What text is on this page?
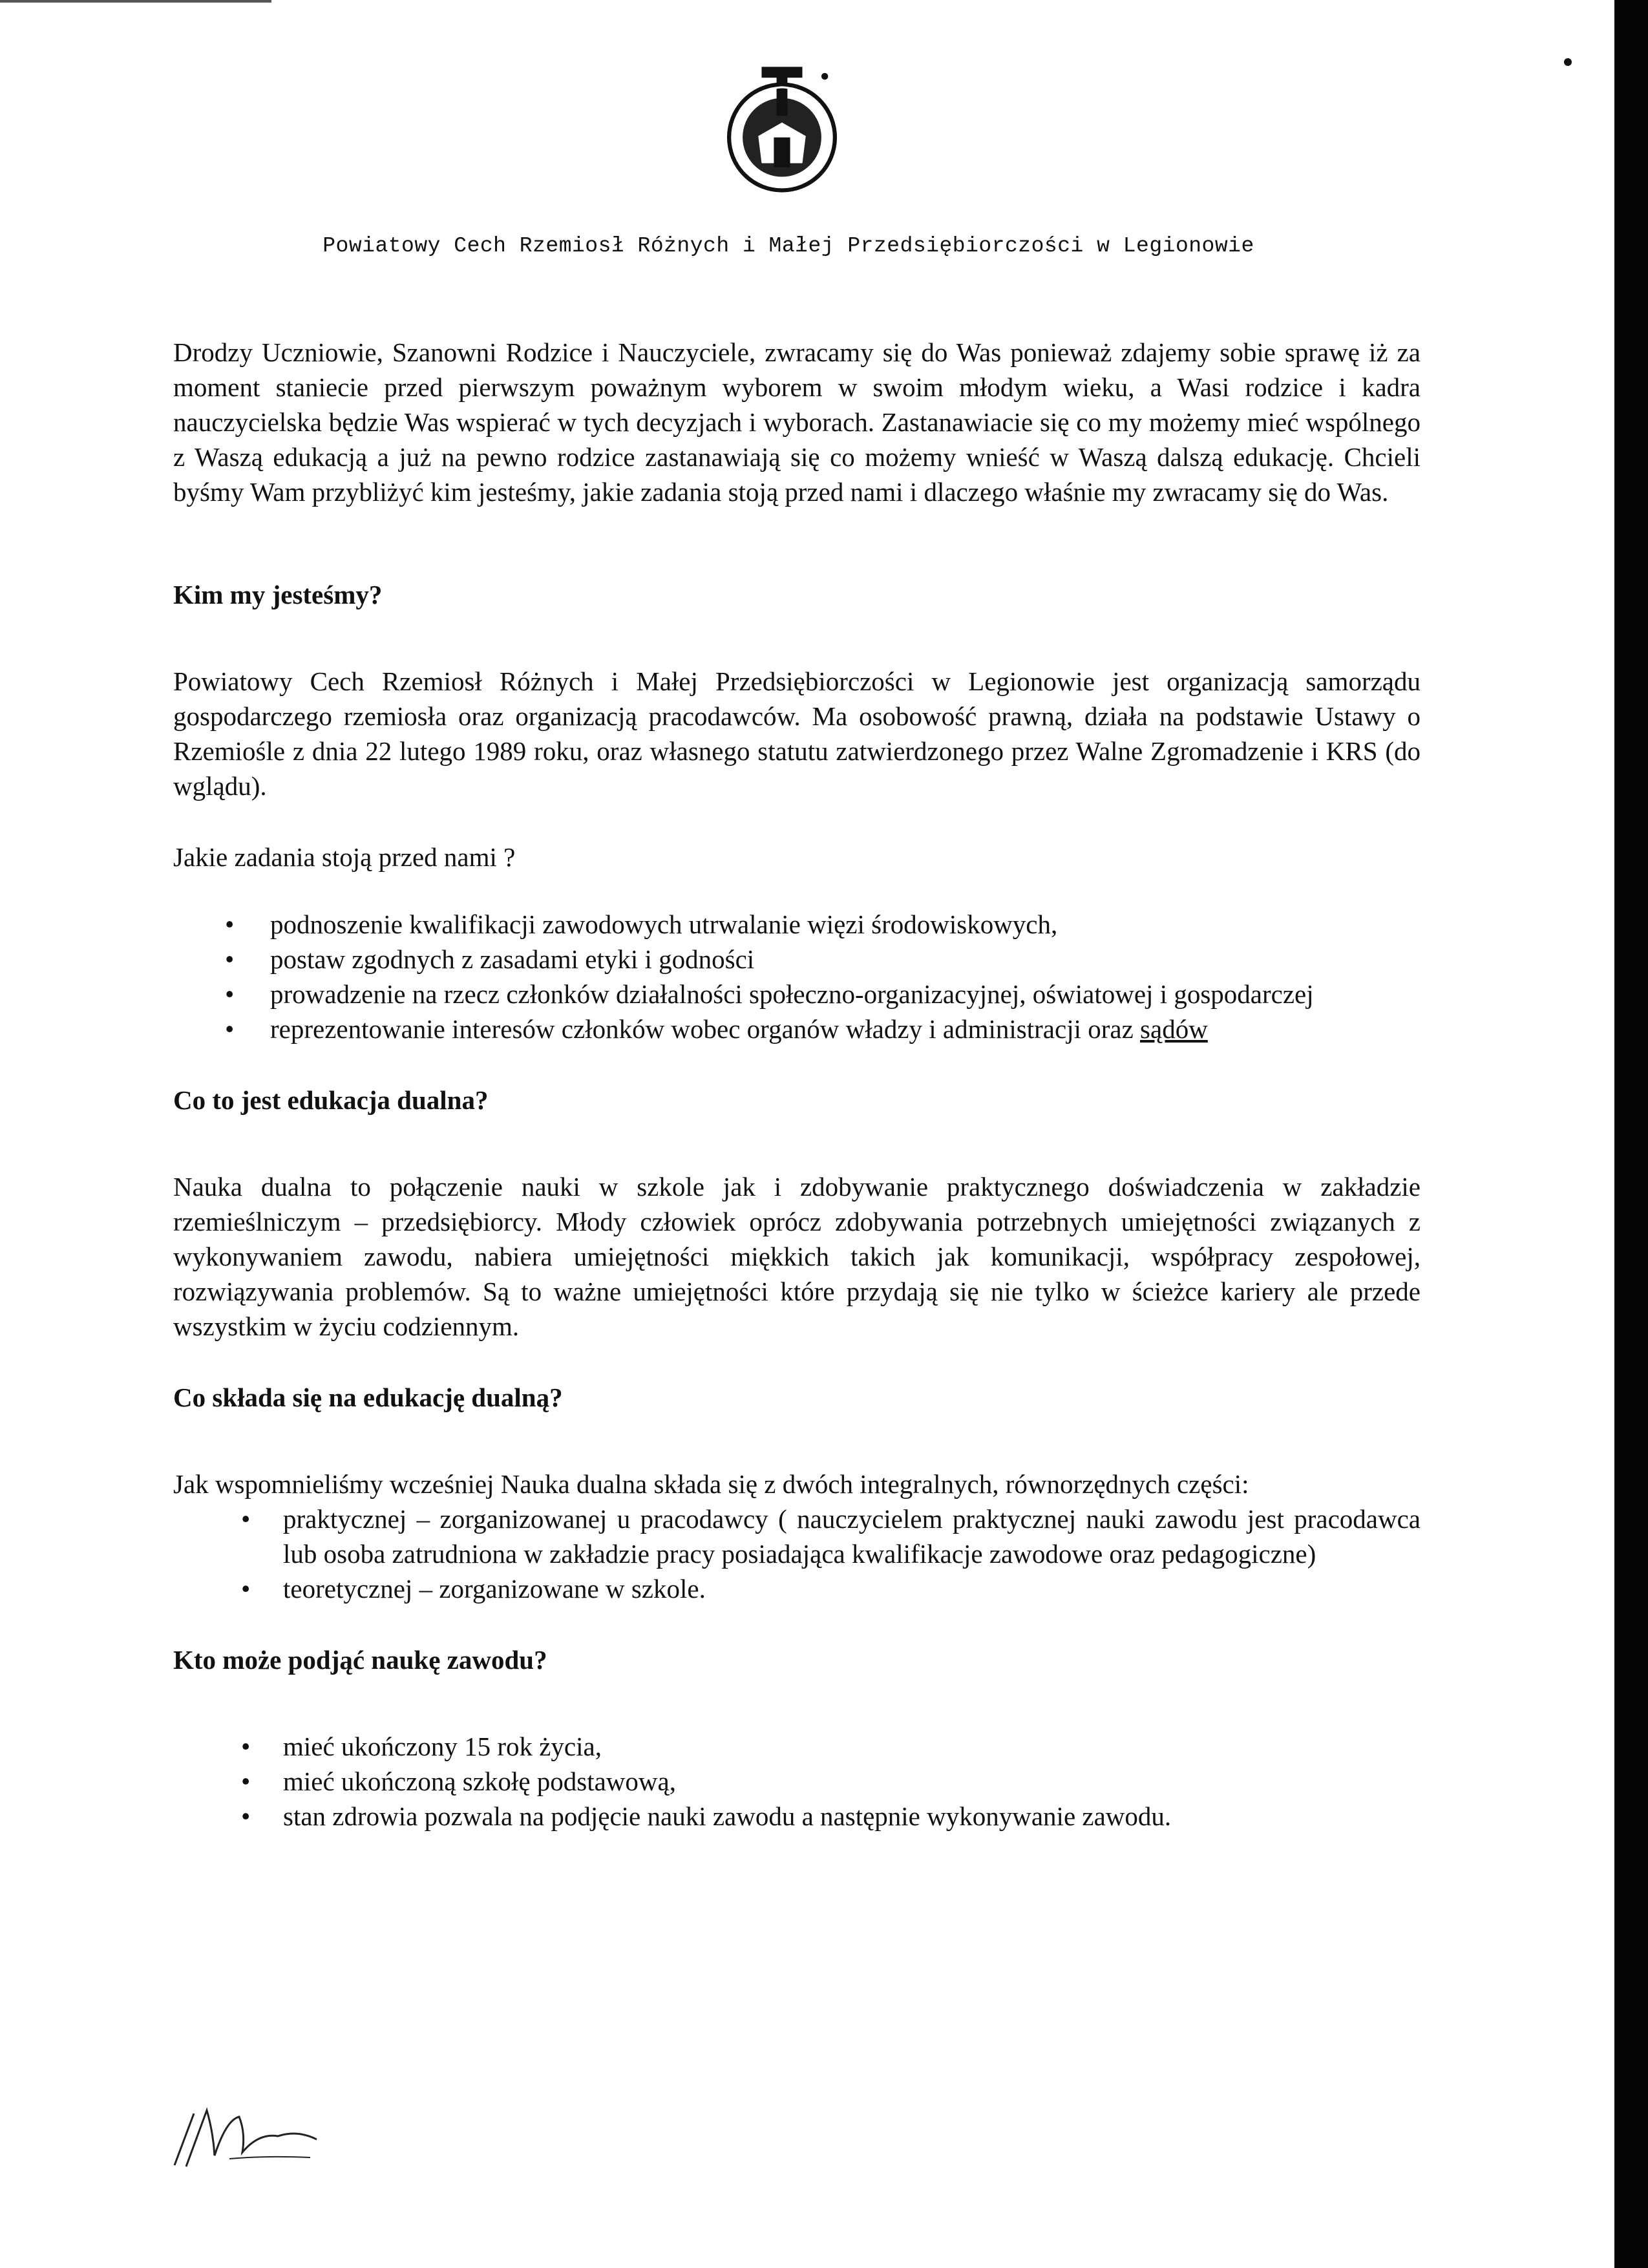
Powiatowy Cech Rzemiosł Różnych i Małej Przedsiębiorczości w Legionowie

Drodzy Uczniowie, Szanowni Rodzice i Nauczyciele, zwracamy się do Was ponieważ zdajemy sobie sprawę iż za moment staniecie przed pierwszym poważnym wyborem w swoim młodym wieku, a Wasi rodzice i kadra nauczycielska będzie Was wspierać w tych decyzjach i wyborach. Zastanawiacie się co my możemy mieć wspólnego z Waszą edukacją a już na pewno rodzice zastanawiają się co możemy wnieść w Waszą dalszą edukację. Chcieli byśmy Wam przybliżyć kim jesteśmy, jakie zadania stoją przed nami i dlaczego właśnie my zwracamy się do Was.

Kim my jesteśmy?

Powiatowy Cech Rzemiosł Różnych i Małej Przedsiębiorczości w Legionowie jest organizacją samorządu gospodarczego rzemiosła oraz organizacją pracodawców. Ma osobowość prawną, działa na podstawie Ustawy o Rzemiośle z dnia 22 lutego 1989 roku, oraz własnego statutu zatwierdzonego przez Walne Zgromadzenie i KRS (do wglądu).

Jakie zadania stoją przed nami ?

• podnoszenie kwalifikacji zawodowych utrwalanie więzi środowiskowych,
• postaw zgodnych z zasadami etyki i godności
• prowadzenie na rzecz członków działalności społeczno-organizacyjnej, oświatowej i gospodarczej
• reprezentowanie interesów członków wobec organów władzy i administracji oraz sądów
Co to jest edukacja dualna?

Nauka dualna to połączenie nauki w szkole jak i zdobywanie praktycznego doświadczenia w zakładzie rzemieślniczym – przedsiębiorcy. Młody człowiek oprócz zdobywania potrzebnych umiejętności związanych z wykonywaniem zawodu, nabiera umiejętności miękkich takich jak komunikacji, współpracy zespołowej, rozwiązywania problemów. Są to ważne umiejętności które przydają się nie tylko w ścieżce kariery ale przede wszystkim w życiu codziennym.

Co składa się na edukację dualną?

Jak wspomnieliśmy wcześniej Nauka dualna składa się z dwóch integralnych, równorzędnych części:

• praktycznej – zorganizowanej u pracodawcy ( nauczycielem praktycznej nauki zawodu jest pracodawca lub osoba zatrudniona w zakładzie pracy posiadająca kwalifikacje zawodowe oraz pedagogiczne)
• teoretycznej – zorganizowane w szkole.
Kto może podjąć naukę zawodu?
• mieć ukończony 15 rok życia,
• mieć ukończoną szkołę podstawową,
• stan zdrowia pozwala na podjęcie nauki zawodu a następnie wykonywanie zawodu.
